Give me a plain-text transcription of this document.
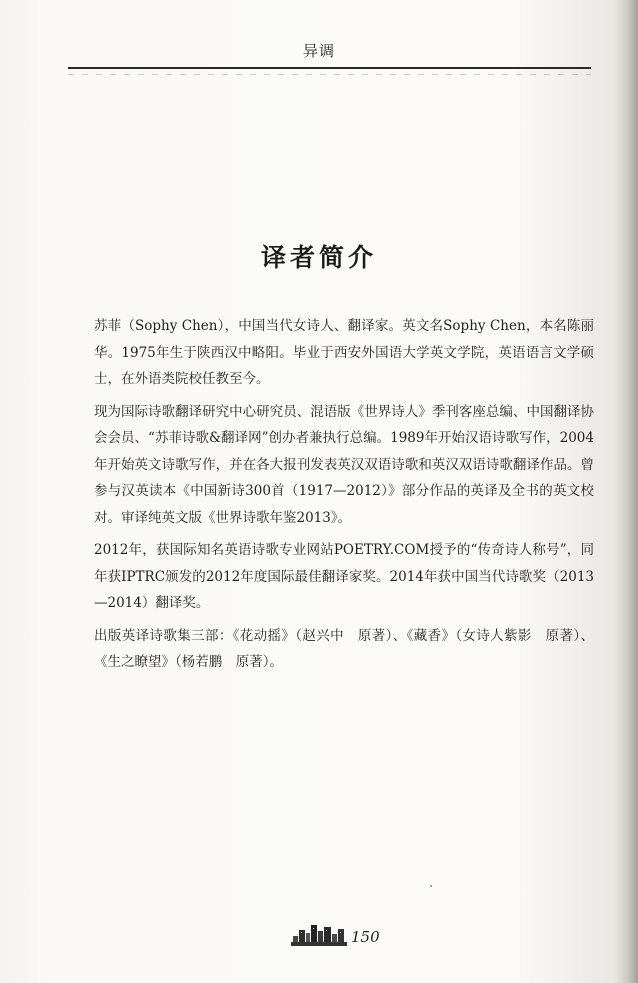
异调
译者简介

苏菲（Sophy Chen），中国当代女诗人、翻译家。英文名Sophy Chen，本名陈丽华。1975年生于陕西汉中略阳。毕业于西安外国语大学英文学院，英语语言文学硕士，在外语类院校任教至今。

现为国际诗歌翻译研究中心研究员、混语版《世界诗人》季刊客座总编、中国翻译协会会员、“苏菲诗歌&翻译网”创办者兼执行总编。1989年开始汉语诗歌写作，2004年开始英文诗歌写作，并在各大报刊发表英汉双语诗歌和英汉双语诗歌翻译作品。曾参与汉英读本《中国新诗300首（1917—2012）》部分作品的英译及全书的英文校对。审译纯英文版《世界诗歌年鉴2013》。

2012年，获国际知名英语诗歌专业网站POETRY.COM授予的“传奇诗人称号”，同年获IPTRC颁发的2012年度国际最佳翻译家奖。2014年获中国当代诗歌奖（2013—2014）翻译奖。

出版英译诗歌集三部：《花动摇》（赵兴中　原著）、《藏香》（女诗人紫影　原著）、《生之瞭望》（杨若鹏　原著）。

150
